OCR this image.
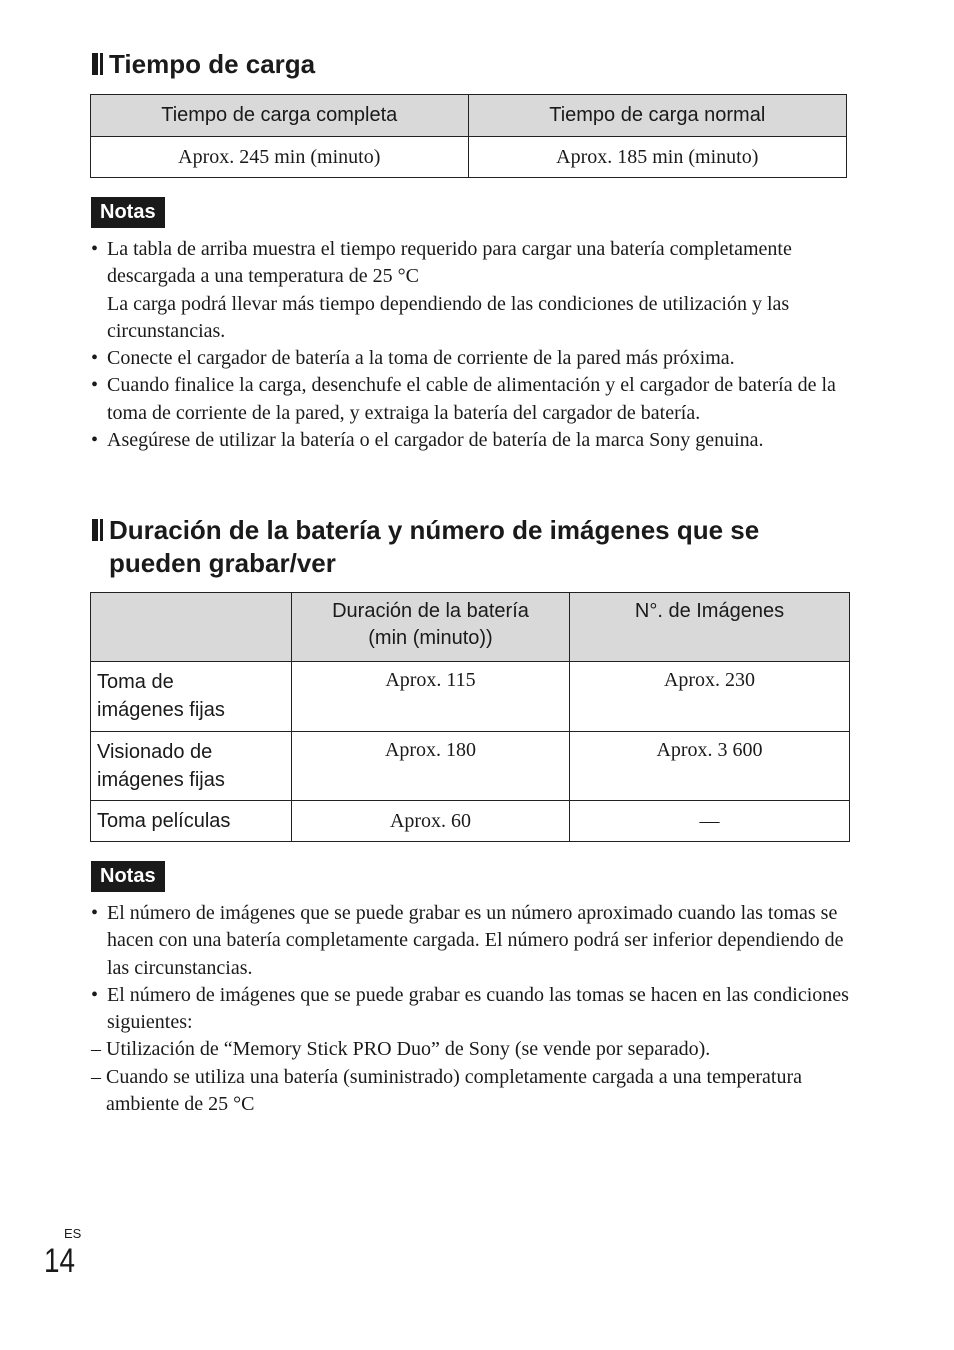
Tiempo de carga
Tiempo de carga completa	Tiempo de carga normal
Aprox. 245 min (minuto)	Aprox. 185 min (minuto)
Notas
• La tabla de arriba muestra el tiempo requerido para cargar una batería completamente descargada a una temperatura de 25 °C
La carga podrá llevar más tiempo dependiendo de las condiciones de utilización y las circunstancias.
• Conecte el cargador de batería a la toma de corriente de la pared más próxima.
• Cuando finalice la carga, desenchufe el cable de alimentación y el cargador de batería de la toma de corriente de la pared, y extraiga la batería del cargador de batería.
• Asegúrese de utilizar la batería o el cargador de batería de la marca Sony genuina.
Duración de la batería y número de imágenes que se
pueden grabar/ver
	Duración de la batería
(min (minuto))	N°. de Imágenes
Toma de
imágenes fijas	Aprox. 115	Aprox. 230
Visionado de
imágenes fijas	Aprox. 180	Aprox. 3 600
Toma películas	Aprox. 60	—
Notas
• El número de imágenes que se puede grabar es un número aproximado cuando las tomas se hacen con una batería completamente cargada. El número podrá ser inferior dependiendo de las circunstancias.
• El número de imágenes que se puede grabar es cuando las tomas se hacen en las condiciones siguientes:
– Utilización de “Memory Stick PRO Duo” de Sony (se vende por separado).
– Cuando se utiliza una batería (suministrado) completamente cargada a una temperatura ambiente de 25 °C
ES
14
